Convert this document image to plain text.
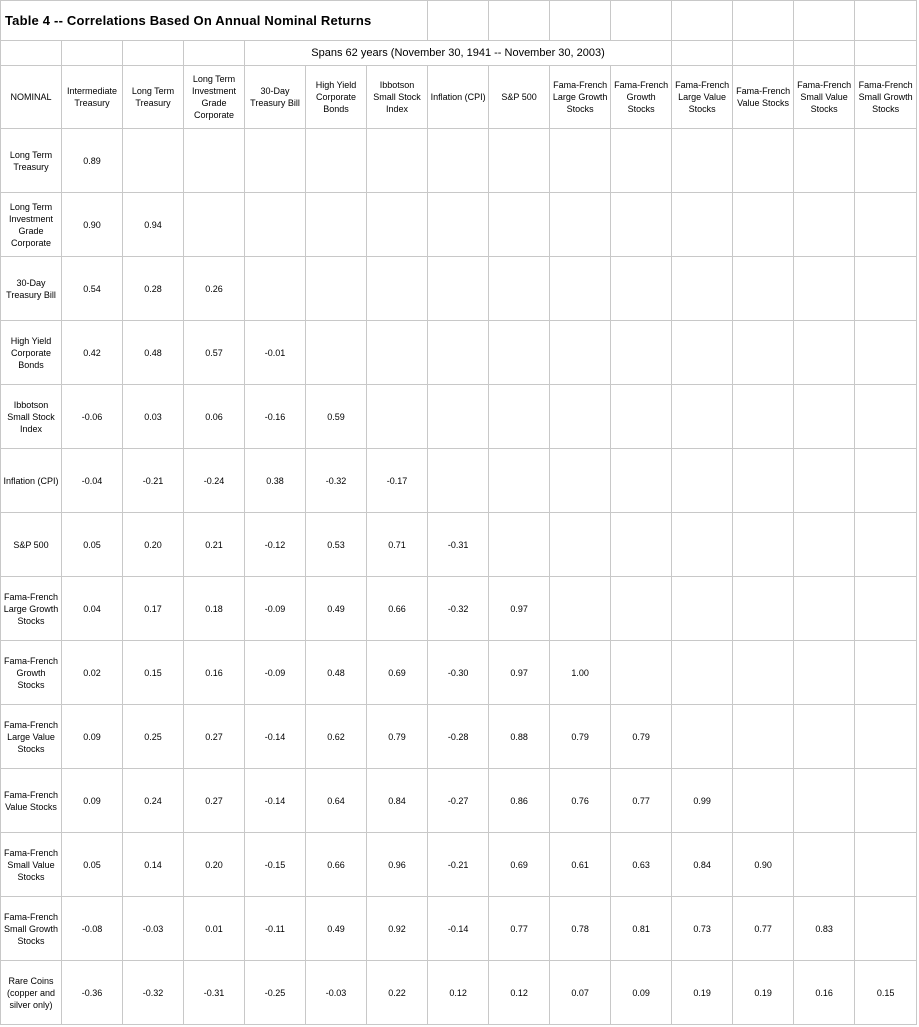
Table 4 -- Correlations Based On Annual Nominal Returns														
				Spans 62 years (November 30, 1941 -- November 30, 2003)										
NOMINAL	Intermediate Treasury	Long Term Treasury	Long Term Investment Grade Corporate	30-Day Treasury Bill	High Yield Corporate Bonds	Ibbotson Small Stock Index	Inflation (CPI)	S&P 500	Fama-French Large Growth Stocks	Fama-French Growth Stocks	Fama-French Large Value Stocks	Fama-French Value Stocks	Fama-French Small Value Stocks	Fama-French Small Growth Stocks
Long Term Treasury	0.89													
Long Term Investment Grade Corporate	0.90	0.94												
30-Day Treasury Bill	0.54	0.28	0.26											
High Yield Corporate Bonds	0.42	0.48	0.57	-0.01										
Ibbotson Small Stock Index	-0.06	0.03	0.06	-0.16	0.59									
Inflation (CPI)	-0.04	-0.21	-0.24	0.38	-0.32	-0.17								
S&P 500	0.05	0.20	0.21	-0.12	0.53	0.71	-0.31							
Fama-French Large Growth Stocks	0.04	0.17	0.18	-0.09	0.49	0.66	-0.32	0.97						
Fama-French Growth Stocks	0.02	0.15	0.16	-0.09	0.48	0.69	-0.30	0.97	1.00					
Fama-French Large Value Stocks	0.09	0.25	0.27	-0.14	0.62	0.79	-0.28	0.88	0.79	0.79				
Fama-French Value Stocks	0.09	0.24	0.27	-0.14	0.64	0.84	-0.27	0.86	0.76	0.77	0.99			
Fama-French Small Value Stocks	0.05	0.14	0.20	-0.15	0.66	0.96	-0.21	0.69	0.61	0.63	0.84	0.90		
Fama-French Small Growth Stocks	-0.08	-0.03	0.01	-0.11	0.49	0.92	-0.14	0.77	0.78	0.81	0.73	0.77	0.83	
Rare Coins (copper and silver only)	-0.36	-0.32	-0.31	-0.25	-0.03	0.22	0.12	0.12	0.07	0.09	0.19	0.19	0.16	0.15
